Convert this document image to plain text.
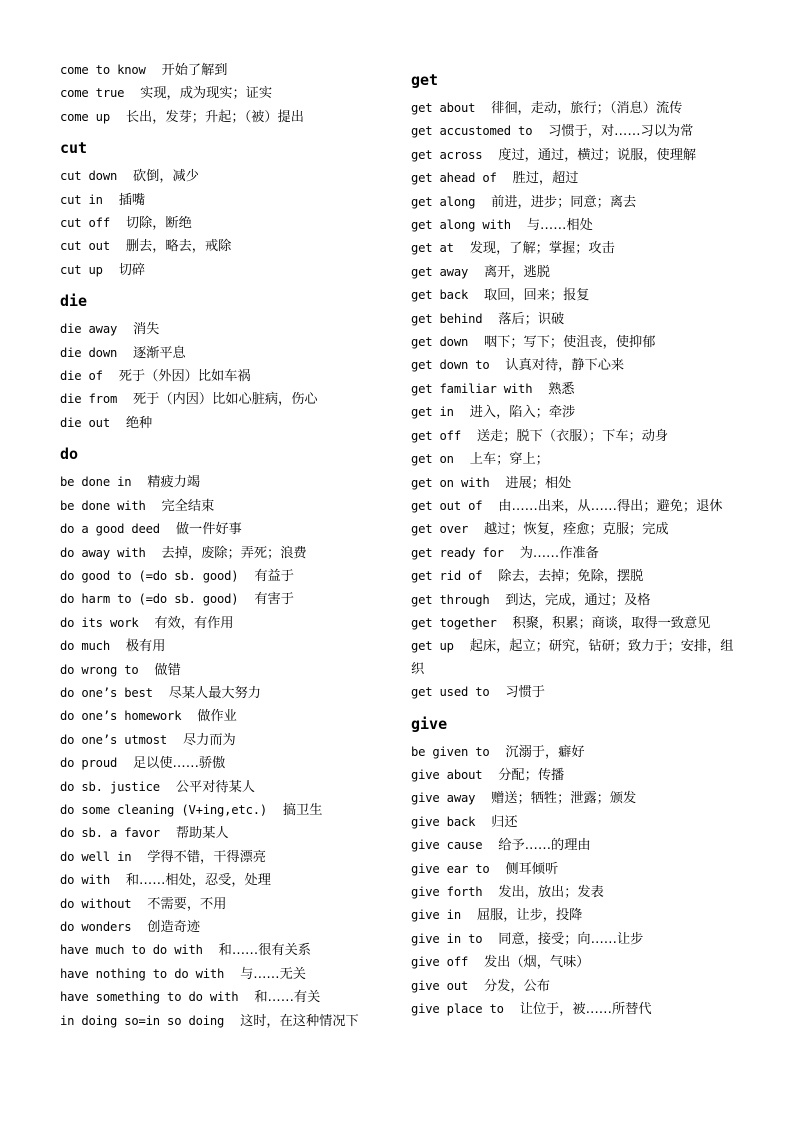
come to know 开始了解到
come true 实现，成为现实；证实
come up 长出，发芽；升起；（被）提出
cut
cut down 砍倒，减少
cut in 插嘴
cut off 切除，断绝
cut out 删去，略去，戒除
cut up 切碎
die
die away 消失
die down 逐渐平息
die of 死于（外因）比如车祸
die from 死于（内因）比如心脏病，伤心
die out 绝种
do
be done in 精疲力竭
be done with 完全结束
do a good deed 做一件好事
do away with 去掉，废除；弄死；浪费
do good to (=do sb. good) 有益于
do harm to (=do sb. good) 有害于
do its work 有效，有作用
do much 极有用
do wrong to 做错
do one’s best 尽某人最大努力
do one’s homework 做作业
do one’s utmost 尽力而为
do proud 足以使……骄傲
do sb. justice 公平对待某人
do some cleaning (V+ing,etc.) 搞卫生
do sb. a favor 帮助某人
do well in 学得不错，干得漂亮
do with 和……相处，忍受，处理
do without 不需要，不用
do wonders 创造奇迹
have much to do with 和……很有关系
have nothing to do with 与……无关
have something to do with 和……有关
in doing so=in so doing 这时，在这种情况下
get
get about 徘徊，走动，旅行；（消息）流传
get accustomed to 习惯于，对……习以为常
get across 度过，通过，横过；说服，使理解
get ahead of 胜过，超过
get along 前进，进步；同意；离去
get along with 与……相处
get at 发现，了解；掌握；攻击
get away 离开，逃脱
get back 取回，回来；报复
get behind 落后；识破
get down 咽下；写下；使沮丧，使抑郁
get down to 认真对待，静下心来
get familiar with 熟悉
get in 进入，陷入；牵涉
get off 送走；脱下（衣服）；下车；动身
get on 上车；穿上；
get on with 进展；相处
get out of 由……出来，从……得出；避免；退休
get over 越过；恢复，痊愈；克服；完成
get ready for 为……作准备
get rid of 除去，去掉；免除，摆脱
get through 到达，完成，通过；及格
get together 积聚，积累；商谈，取得一致意见
get up 起床，起立；研究，钻研；致力于；安排，组织
get used to 习惯于
give
be given to 沉溺于，癖好
give about 分配；传播
give away 赠送；牺牲；泄露；颁发
give back 归还
give cause 给予……的理由
give ear to 侧耳倾听
give forth 发出，放出；发表
give in 屈服，让步，投降
give in to 同意，接受；向……让步
give off 发出（烟，气味）
give out 分发，公布
give place to 让位于，被……所替代
